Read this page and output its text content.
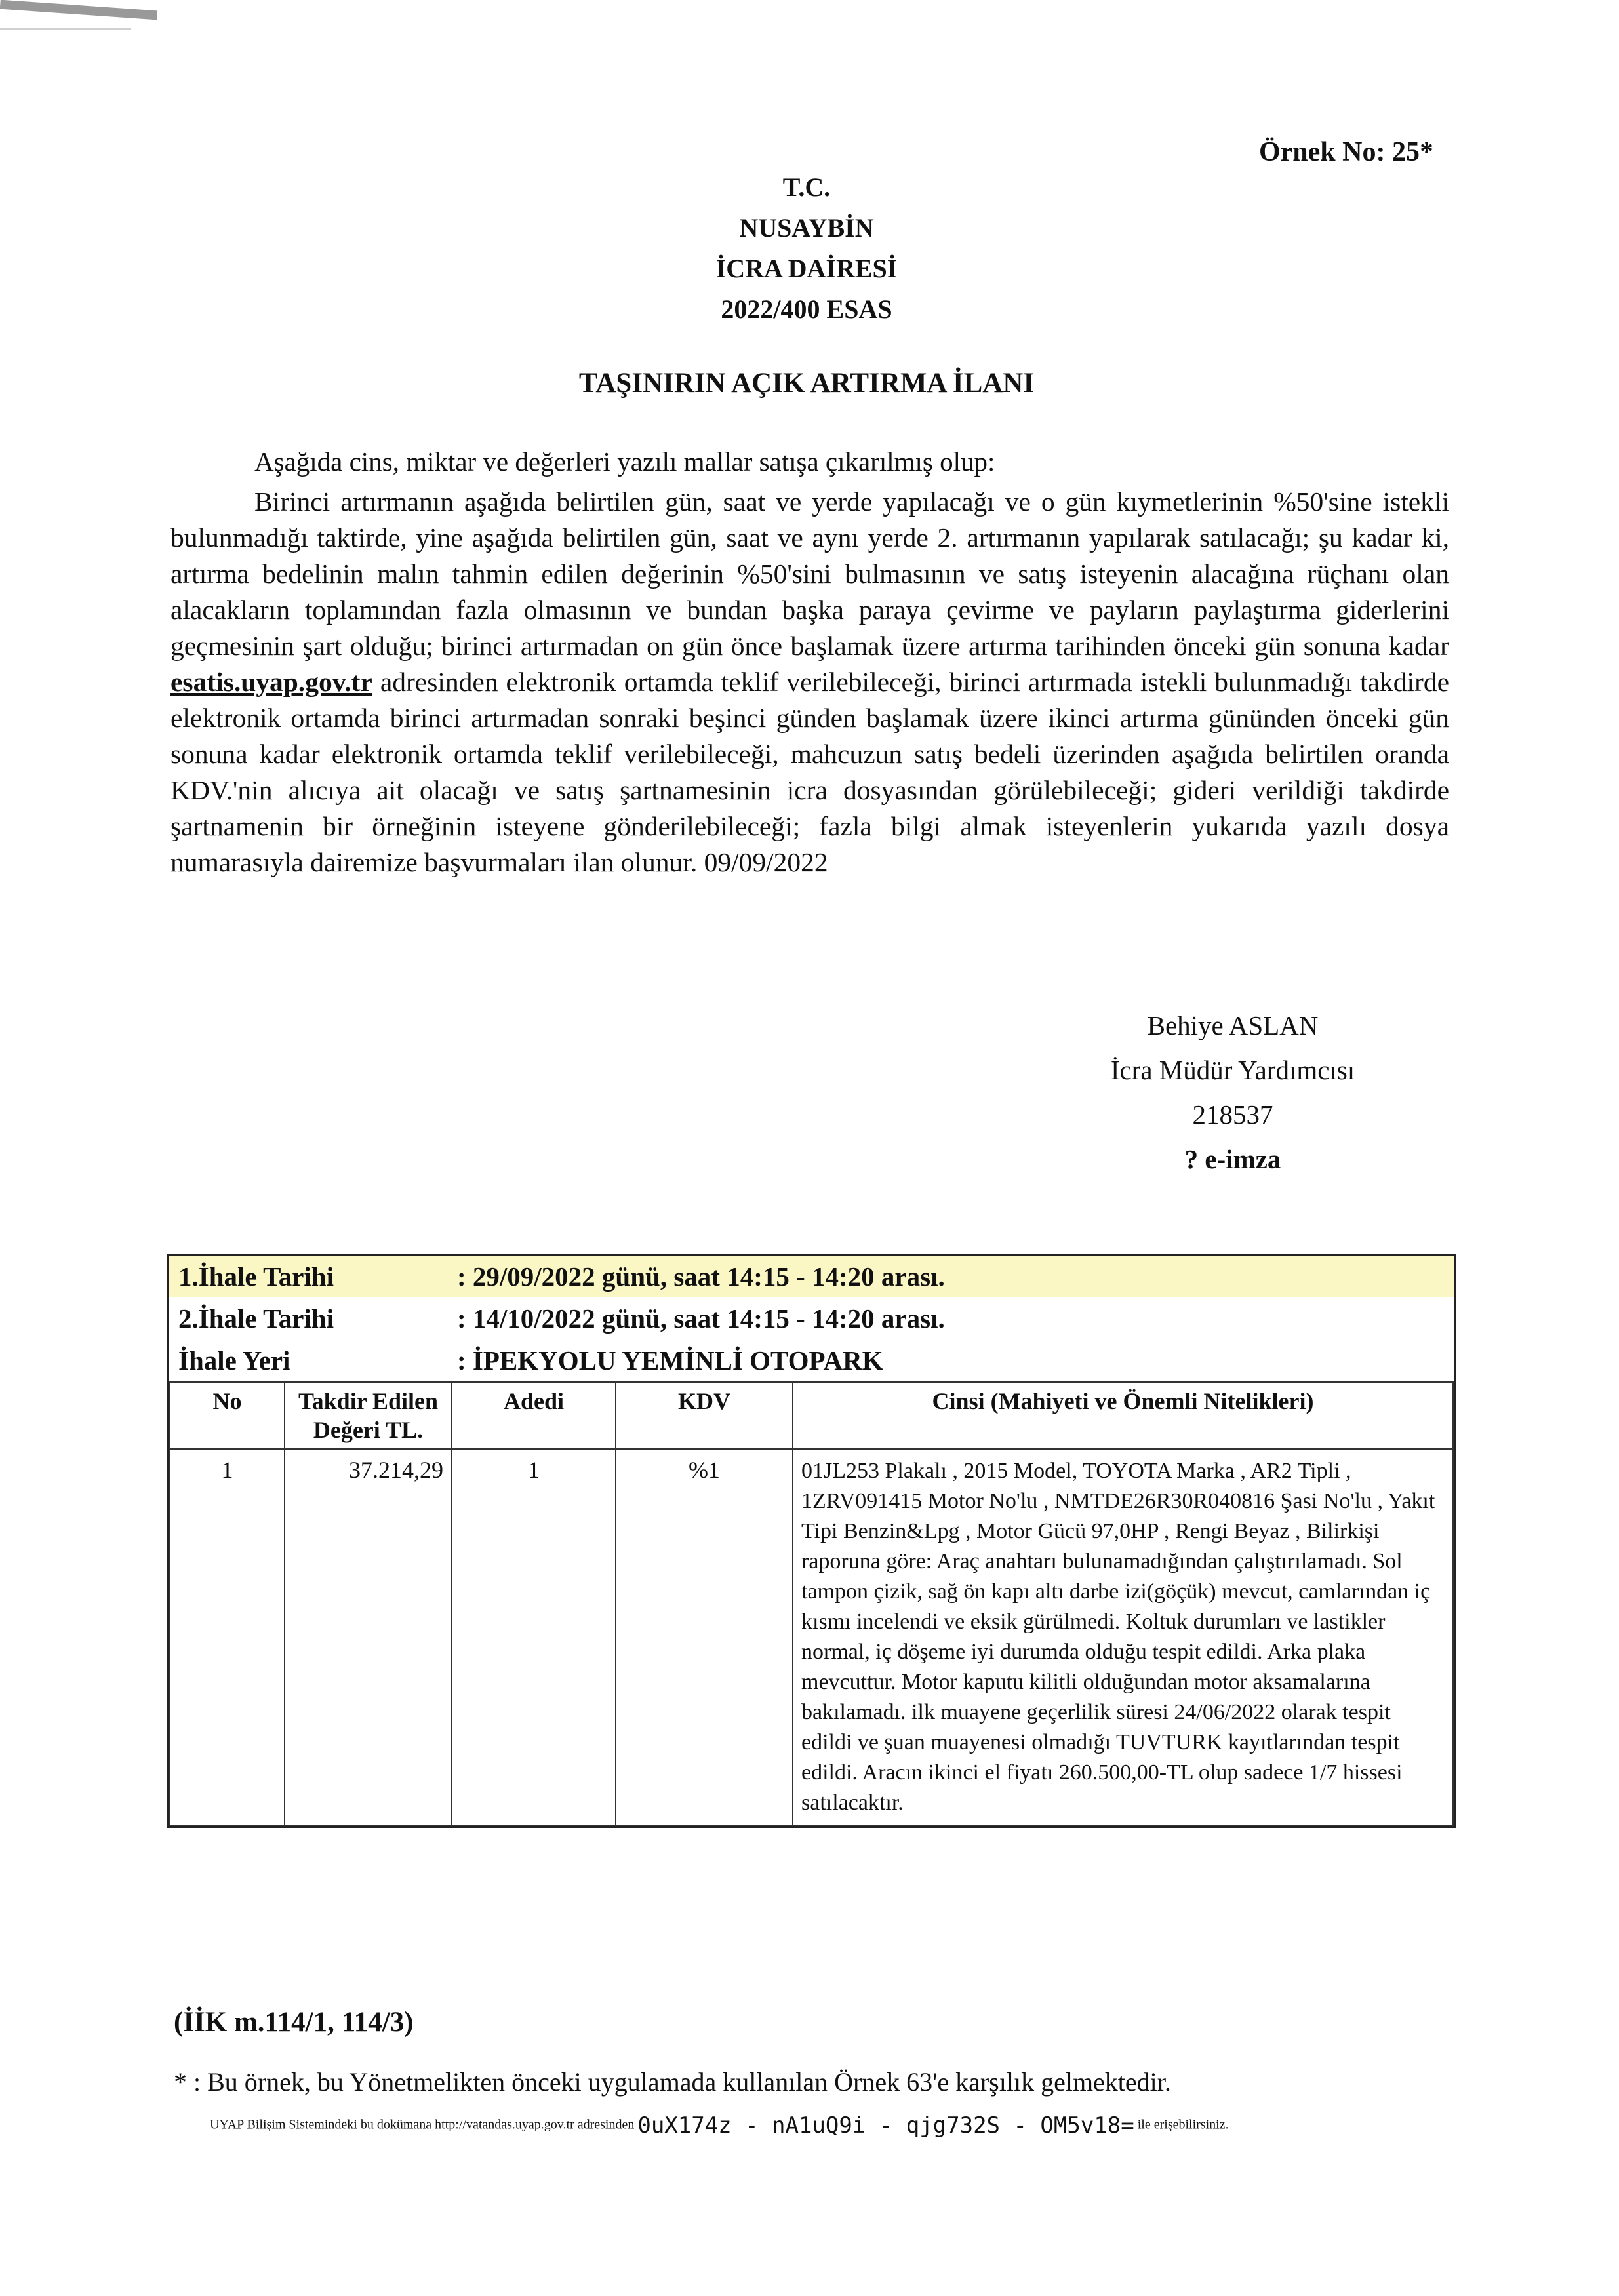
Örnek No: 25*
T.C.
NUSAYBİN
İCRA DAİRESİ
2022/400 ESAS
TAŞINIRIN AÇIK ARTIRMA İLANI
Aşağıda cins, miktar ve değerleri yazılı mallar satışa çıkarılmış olup:
Birinci artırmanın aşağıda belirtilen gün, saat ve yerde yapılacağı ve o gün kıymetlerinin %50'sine istekli bulunmadığı taktirde, yine aşağıda belirtilen gün, saat ve aynı yerde 2. artırmanın yapılarak satılacağı; şu kadar ki, artırma bedelinin malın tahmin edilen değerinin %50'sini bulmasının ve satış isteyenin alacağına rüçhanı olan alacakların toplamından fazla olmasının ve bundan başka paraya çevirme ve payların paylaştırma giderlerini geçmesinin şart olduğu; birinci artırmadan on gün önce başlamak üzere artırma tarihinden önceki gün sonuna kadar esatis.uyap.gov.tr adresinden elektronik ortamda teklif verilebileceği, birinci artırmada istekli bulunmadığı takdirde elektronik ortamda birinci artırmadan sonraki beşinci günden başlamak üzere ikinci artırma gününden önceki gün sonuna kadar elektronik ortamda teklif verilebileceği, mahcuzun satış bedeli üzerinden aşağıda belirtilen oranda KDV.'nin alıcıya ait olacağı ve satış şartnamesinin icra dosyasından görülebileceği; gideri verildiği takdirde şartnamenin bir örneğinin isteyene gönderilebileceği; fazla bilgi almak isteyenlerin yukarıda yazılı dosya numarasıyla dairemize başvurmaları ilan olunur. 09/09/2022
Behiye ASLAN
İcra Müdür Yardımcısı
218537
? e-imza
1.İhale Tarihi	: 29/09/2022 günü, saat 14:15 - 14:20 arası.
2.İhale Tarihi	: 14/10/2022 günü, saat 14:15 - 14:20 arası.
İhale Yeri	: İPEKYOLU YEMİNLİ OTOPARK
No	Takdir Edilen Değeri TL.	Adedi	KDV	Cinsi (Mahiyeti ve Önemli Nitelikleri)
1	37.214,29	1	%1	01JL253 Plakalı , 2015 Model, TOYOTA Marka , AR2 Tipli , 1ZRV091415 Motor No'lu , NMTDE26R30R040816 Şasi No'lu , Yakıt Tipi Benzin&Lpg , Motor Gücü 97,0HP , Rengi Beyaz , Bilirkişi raporuna göre: Araç anahtarı bulunamadığından çalıştırılamadı. Sol tampon çizik, sağ ön kapı altı darbe izi(göçük) mevcut, camlarından iç kısmı incelendi ve eksik gürülmedi. Koltuk durumları ve lastikler normal, iç döşeme iyi durumda olduğu tespit edildi. Arka plaka mevcuttur. Motor kaputu kilitli olduğundan motor aksamalarına bakılamadı. ilk muayene geçerlilik süresi 24/06/2022 olarak tespit edildi ve şuan muayenesi olmadığı TUVTURK kayıtlarından tespit edildi. Aracın ikinci el fiyatı 260.500,00-TL olup sadece 1/7 hissesi satılacaktır.
(İİK m.114/1, 114/3)
* : Bu örnek, bu Yönetmelikten önceki uygulamada kullanılan Örnek 63'e karşılık gelmektedir.
UYAP Bilişim Sistemindeki bu dokümana http://vatandas.uyap.gov.tr adresinden 0uX174z - nA1uQ9i - qjg732S - OM5v18= ile erişebilirsiniz.
